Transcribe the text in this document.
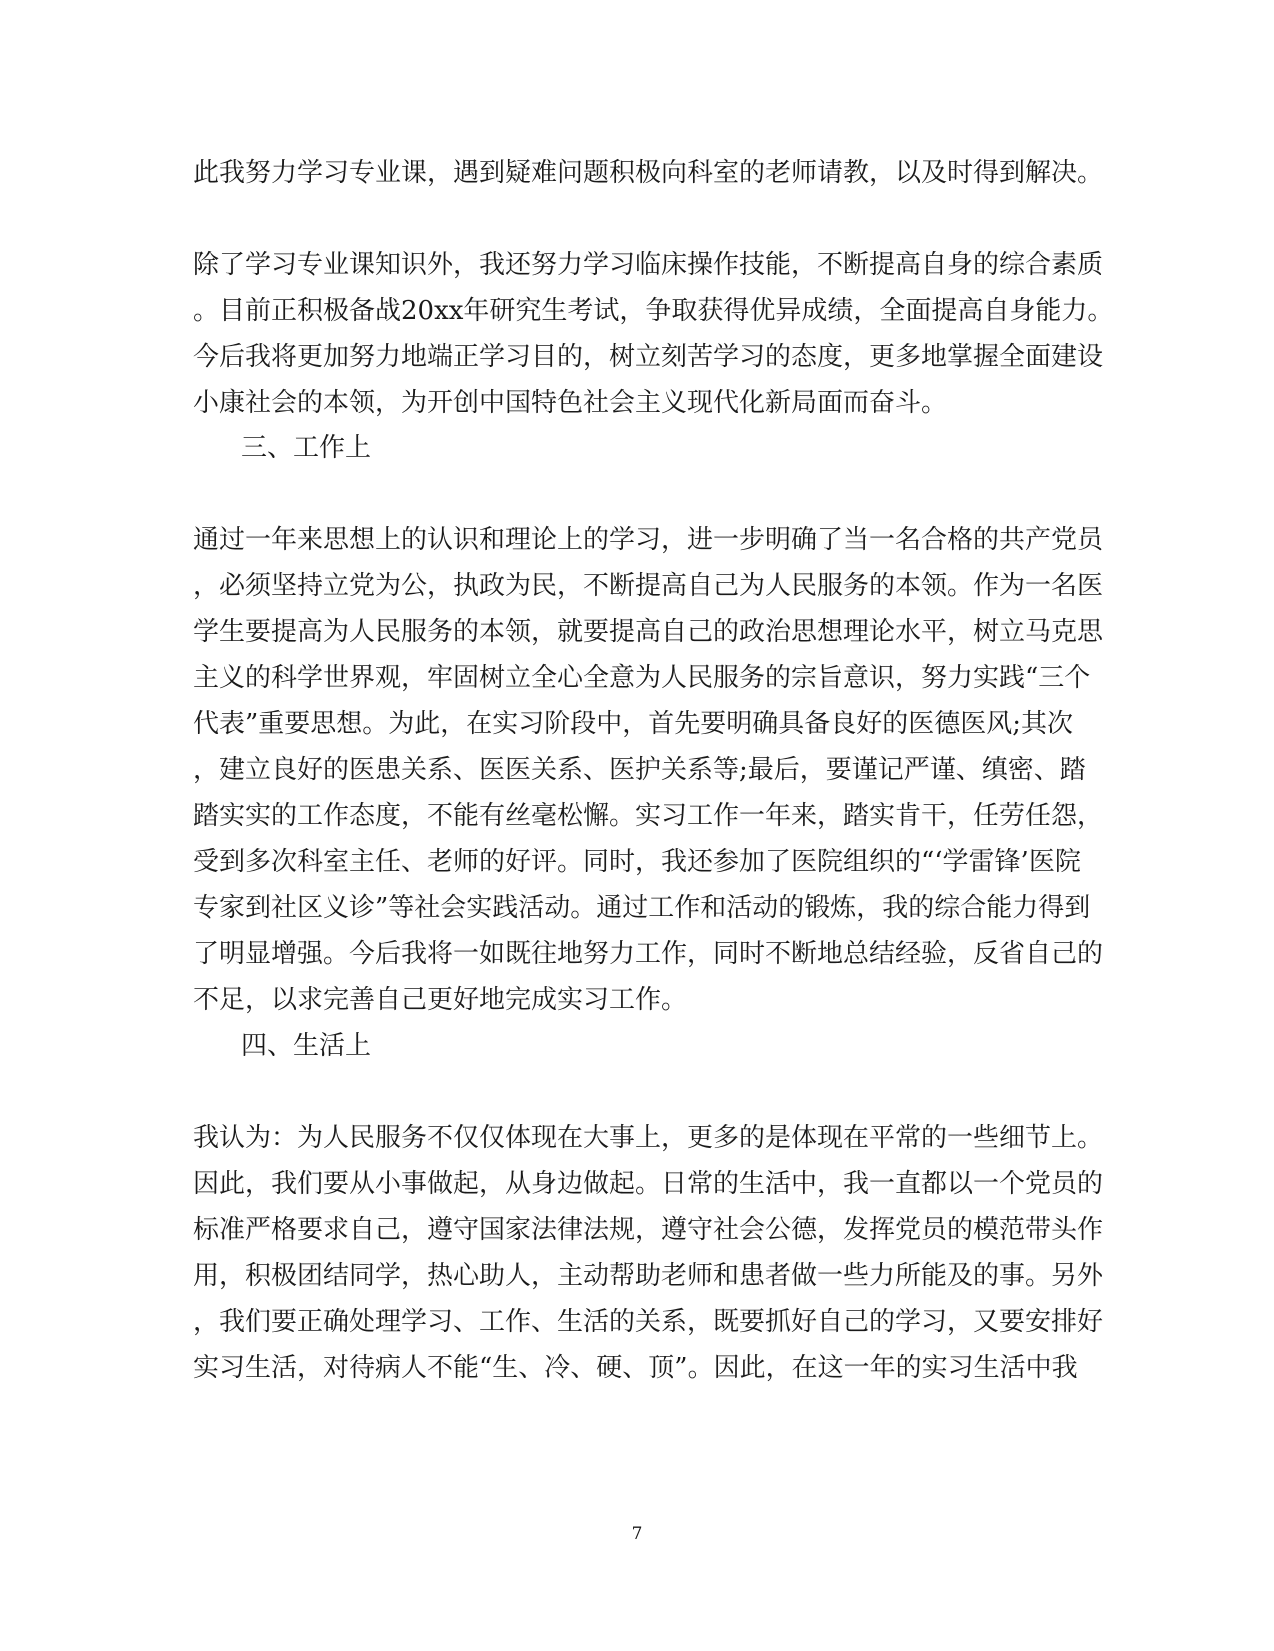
此我努力学习专业课，遇到疑难问题积极向科室的老师请教，以及时得到解决。

除了学习专业课知识外，我还努力学习临床操作技能，不断提高自身的综合素质

。目前正积极备战20xx年研究生考试，争取获得优异成绩，全面提高自身能力。

今后我将更加努力地端正学习目的，树立刻苦学习的态度，更多地掌握全面建设

小康社会的本领，为开创中国特色社会主义现代化新局面而奋斗。

三、工作上

通过一年来思想上的认识和理论上的学习，进一步明确了当一名合格的共产党员

，必须坚持立党为公，执政为民，不断提高自己为人民服务的本领。作为一名医

学生要提高为人民服务的本领，就要提高自己的政治思想理论水平，树立马克思

主义的科学世界观，牢固树立全心全意为人民服务的宗旨意识，努力实践“三个

代表”重要思想。为此，在实习阶段中，首先要明确具备良好的医德医风;其次

，建立良好的医患关系、医医关系、医护关系等;最后，要谨记严谨、缜密、踏

踏实实的工作态度，不能有丝毫松懈。实习工作一年来，踏实肯干，任劳任怨，

受到多次科室主任、老师的好评。同时，我还参加了医院组织的“‘学雷锋’医院

专家到社区义诊”等社会实践活动。通过工作和活动的锻炼，我的综合能力得到

了明显增强。今后我将一如既往地努力工作，同时不断地总结经验，反省自己的

不足，以求完善自己更好地完成实习工作。

四、生活上

我认为：为人民服务不仅仅体现在大事上，更多的是体现在平常的一些细节上。

因此，我们要从小事做起，从身边做起。日常的生活中，我一直都以一个党员的

标准严格要求自己，遵守国家法律法规，遵守社会公德，发挥党员的模范带头作

用，积极团结同学，热心助人，主动帮助老师和患者做一些力所能及的事。另外

，我们要正确处理学习、工作、生活的关系，既要抓好自己的学习，又要安排好

实习生活，对待病人不能“生、冷、硬、顶”。因此，在这一年的实习生活中我

7
